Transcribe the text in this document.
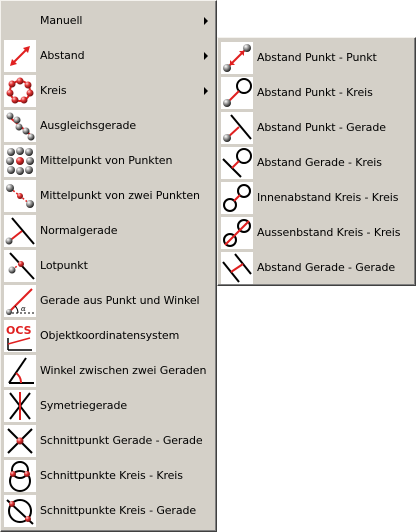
Manuell
Abstand
Kreis
Ausgleichsgerade
Mittelpunkt von Punkten
Mittelpunkt von zwei Punkten
Normalgerade
Lotpunkt
α
Gerade aus Punkt und Winkel
OCS Objektkoordinatensystem
Winkel zwischen zwei Geraden
Symetriegerade
Schnittpunkt Gerade - Gerade
Schnittpunkte Kreis - Kreis
Schnittpunkte Kreis - Gerade
Abstand Punkt - Punkt
Abstand Punkt - Kreis
Abstand Punkt - Gerade
Abstand Gerade - Kreis
Innenabstand Kreis - Kreis
Aussenbstand Kreis - Kreis
Abstand Gerade - Gerade
